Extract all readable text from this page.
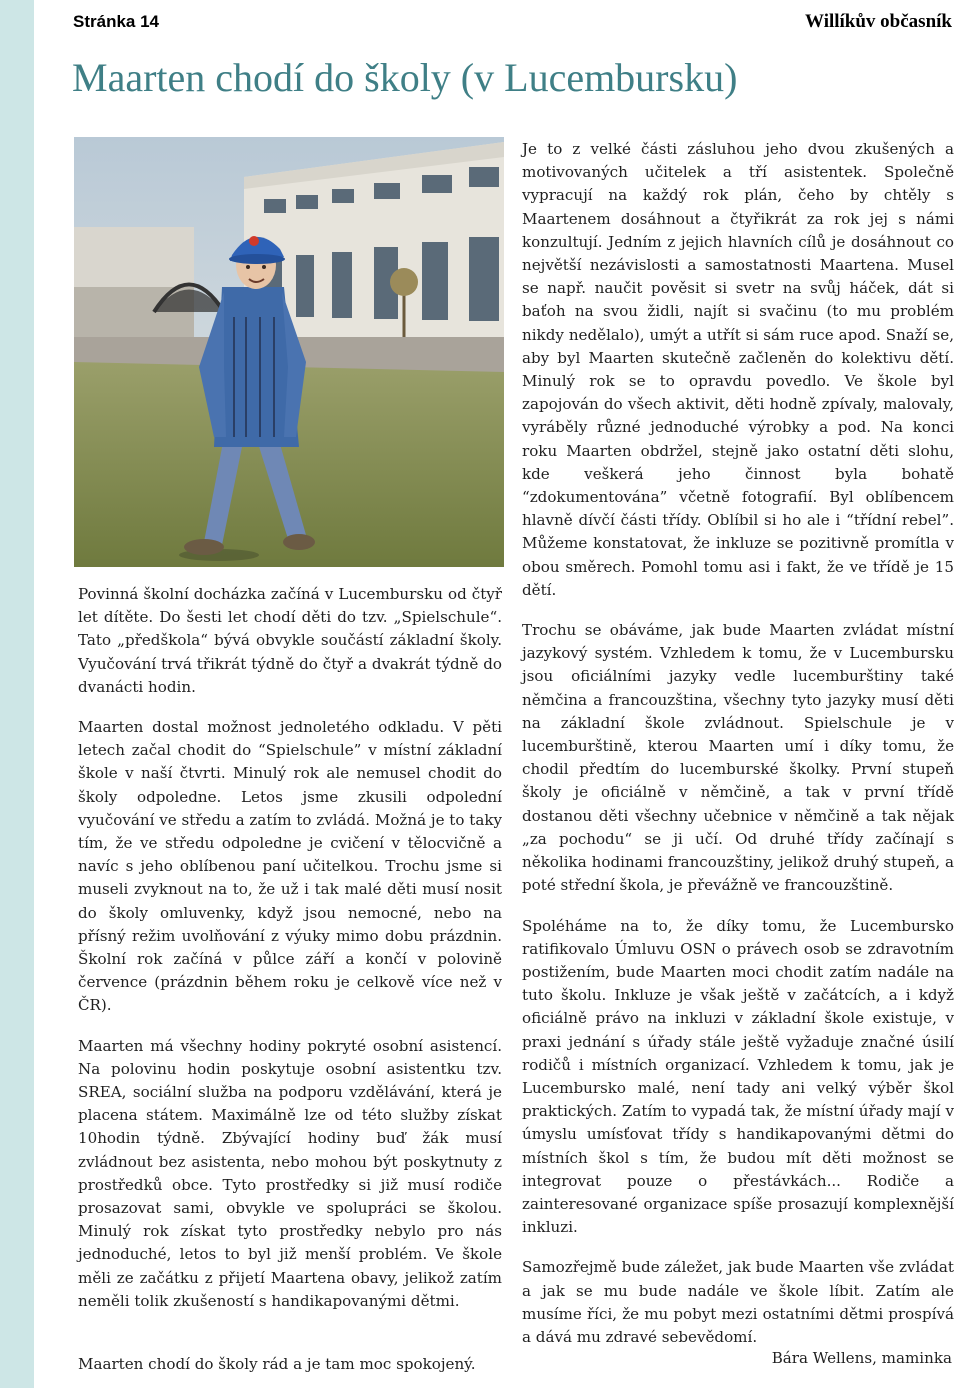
Stránka 14	Willíkův občasník
Maarten chodí do školy (v Lucembursku)

Povinná školní docházka začíná v Lucembursku od čtyř let dítěte. Do šesti let chodí děti do tzv. „Spielschule“. Tato „předškola“ bývá obvykle součástí základní školy. Vyučování trvá třikrát týdně do čtyř a dvakrát týdně do dvanácti hodin.

Maarten dostal možnost jednoletého odkladu. V pěti letech začal chodit do “Spielschule” v místní základní škole v naší čtvrti. Minulý rok ale nemusel chodit do školy odpoledne. Letos jsme zkusili odpolední vyučování ve středu a zatím to zvládá. Možná je to taky tím, že ve středu odpoledne je cvičení v tělocvičně a navíc s jeho oblíbenou paní učitelkou. Trochu jsme si museli zvyknout na to, že už i tak malé děti musí nosit do školy omluvenky, když jsou nemocné, nebo na přísný režim uvolňování z výuky mimo dobu prázdnin. Školní rok začíná v půlce září a končí v polovině července (prázdnin během roku je celkově více než v ČR).

Maarten má všechny hodiny pokryté osobní asistencí. Na polovinu hodin poskytuje osobní asistentku tzv. SREA, sociální služba na podporu vzdělávání, která je placena státem. Maximálně lze od této služby získat 10hodin týdně. Zbývající hodiny buď žák musí zvládnout bez asistenta, nebo mohou být poskytnuty z prostředků obce. Tyto prostředky si již musí rodiče prosazovat sami, obvykle ve spolupráci se školou. Minulý rok získat tyto prostředky nebylo pro nás jednoduché, letos to byl již menší problém. Ve škole měli ze začátku z přijetí Maartena obavy, jelikož zatím neměli tolik zkušeností s handikapovanými dětmi.

Maarten chodí do školy rád a je tam moc spokojený.

Je to z velké části zásluhou jeho dvou zkušených a motivovaných učitelek a tří asistentek. Společně vypracují na každý rok plán, čeho by chtěly s Maartenem dosáhnout a čtyřikrát za rok jej s námi konzultují. Jedním z jejich hlavních cílů je dosáhnout co největší nezávislosti a samostatnosti Maartena. Musel se např. naučit pověsit si svetr na svůj háček, dát si baťoh na svou židli, najít si svačinu (to mu problém nikdy nedělalo), umýt a utřít si sám ruce apod. Snaží se, aby byl Maarten skutečně začleněn do kolektivu dětí. Minulý rok se to opravdu povedlo. Ve škole byl zapojován do všech aktivit, děti hodně zpívaly, malovaly, vyráběly různé jednoduché výrobky a pod. Na konci roku Maarten obdržel, stejně jako ostatní děti slohu, kde veškerá jeho činnost byla bohatě “zdokumentována” včetně fotografií. Byl oblíbencem hlavně dívčí části třídy. Oblíbil si ho ale i “třídní rebel”. Můžeme konstatovat, že inkluze se pozitivně promítla v obou směrech. Pomohl tomu asi i fakt, že ve třídě je 15 dětí.

Trochu se obáváme, jak bude Maarten zvládat místní jazykový systém. Vzhledem k tomu, že v Lucembursku jsou oficiálními jazyky vedle lucemburštiny také němčina a francouzština, všechny tyto jazyky musí děti na základní škole zvládnout. Spielschule je v lucemburštině, kterou Maarten umí i díky tomu, že chodil předtím do lucemburské školky. První stupeň školy je oficiálně v němčině, a tak v první třídě dostanou děti všechny učebnice v němčině a tak nějak „za pochodu“ se ji učí. Od druhé třídy začínají s několika hodinami francouzštiny, jelikož druhý stupeň, a poté střední škola, je převážně ve francouzštině.

Spoléháme na to, že díky tomu, že Lucembursko ratifikovalo Úmluvu OSN o právech osob se zdravotním postižením, bude Maarten moci chodit zatím nadále na tuto školu. Inkluze je však ještě v začátcích, a i když oficiálně právo na inkluzi v základní škole existuje, v praxi jednání s úřady stále ještě vyžaduje značné úsilí rodičů i místních organizací. Vzhledem k tomu, jak je Lucembursko malé, není tady ani velký výběr škol praktických. Zatím to vypadá tak, že místní úřady mají v úmyslu umísťovat třídy s handikapovanými dětmi do místních škol s tím, že budou mít děti možnost se integrovat pouze o přestávkách... Rodiče a zainteresované organizace spíše prosazují komplexnější inkluzi.

Samozřejmě bude záležet, jak bude Maarten vše zvládat a jak se mu bude nadále ve škole líbit. Zatím ale musíme říci, že mu pobyt mezi ostatními dětmi prospívá a dává mu zdravé sebevědomí.

Bára Wellens, maminka
